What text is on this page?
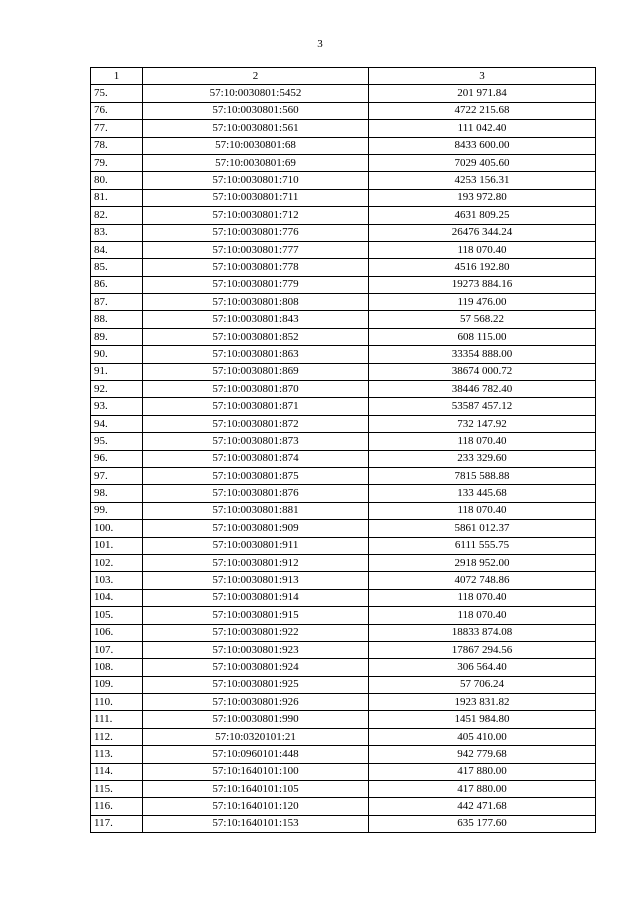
3
1	2	3
75.	57:10:0030801:5452	201 971.84
76.	57:10:0030801:560	4722 215.68
77.	57:10:0030801:561	111 042.40
78.	57:10:0030801:68	8433 600.00
79.	57:10:0030801:69	7029 405.60
80.	57:10:0030801:710	4253 156.31
81.	57:10:0030801:711	193 972.80
82.	57:10:0030801:712	4631 809.25
83.	57:10:0030801:776	26476 344.24
84.	57:10:0030801:777	118 070.40
85.	57:10:0030801:778	4516 192.80
86.	57:10:0030801:779	19273 884.16
87.	57:10:0030801:808	119 476.00
88.	57:10:0030801:843	57 568.22
89.	57:10:0030801:852	608 115.00
90.	57:10:0030801:863	33354 888.00
91.	57:10:0030801:869	38674 000.72
92.	57:10:0030801:870	38446 782.40
93.	57:10:0030801:871	53587 457.12
94.	57:10:0030801:872	732 147.92
95.	57:10:0030801:873	118 070.40
96.	57:10:0030801:874	233 329.60
97.	57:10:0030801:875	7815 588.88
98.	57:10:0030801:876	133 445.68
99.	57:10:0030801:881	118 070.40
100.	57:10:0030801:909	5861 012.37
101.	57:10:0030801:911	6111 555.75
102.	57:10:0030801:912	2918 952.00
103.	57:10:0030801:913	4072 748.86
104.	57:10:0030801:914	118 070.40
105.	57:10:0030801:915	118 070.40
106.	57:10:0030801:922	18833 874.08
107.	57:10:0030801:923	17867 294.56
108.	57:10:0030801:924	306 564.40
109.	57:10:0030801:925	57 706.24
110.	57:10:0030801:926	1923 831.82
111.	57:10:0030801:990	1451 984.80
112.	57:10:0320101:21	405 410.00
113.	57:10:0960101:448	942 779.68
114.	57:10:1640101:100	417 880.00
115.	57:10:1640101:105	417 880.00
116.	57:10:1640101:120	442 471.68
117.	57:10:1640101:153	635 177.60
